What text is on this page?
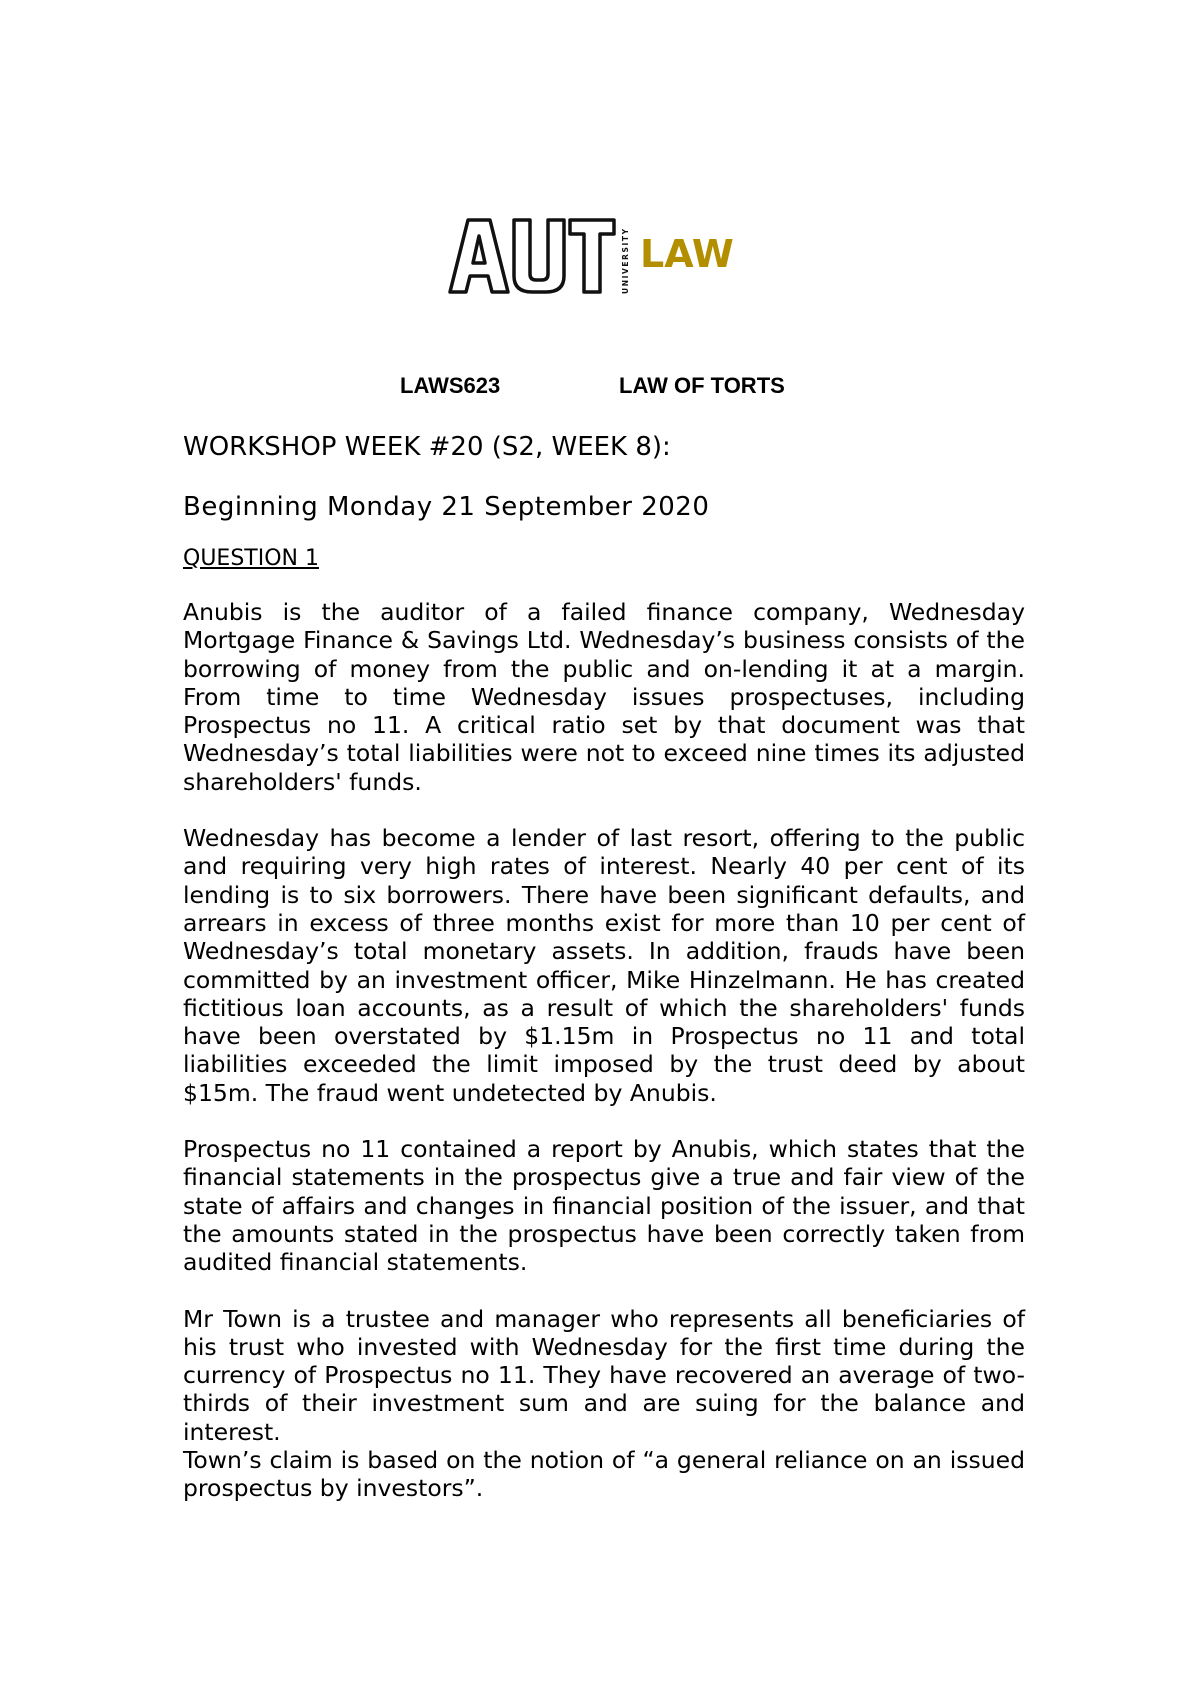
UNIVERSITY LAW
LAWS623	LAW OF TORTS
WORKSHOP WEEK #20 (S2, WEEK 8):
Beginning Monday 21 September 2020
QUESTION 1

Anubis is the auditor of a failed finance company, Wednesday Mortgage Finance & Savings Ltd. Wednesday’s business consists of the borrowing of money from the public and on-lending it at a margin. From time to time Wednesday issues prospectuses, including Prospectus no 11. A critical ratio set by that document was that Wednesday’s total liabilities were not to exceed nine times its adjusted shareholders' funds.

Wednesday has become a lender of last resort, offering to the public and requiring very high rates of interest. Nearly 40 per cent of its lending is to six borrowers. There have been significant defaults, and arrears in excess of three months exist for more than 10 per cent of Wednesday’s total monetary assets. In addition, frauds have been committed by an investment officer, Mike Hinzelmann. He has created fictitious loan accounts, as a result of which the shareholders' funds have been overstated by $1.15m in Prospectus no 11 and total liabilities exceeded the limit imposed by the trust deed by about $15m. The fraud went undetected by Anubis.

Prospectus no 11 contained a report by Anubis, which states that the financial statements in the prospectus give a true and fair view of the state of affairs and changes in financial position of the issuer, and that the amounts stated in the prospectus have been correctly taken from audited financial statements.

Mr Town is a trustee and manager who represents all beneficiaries of his trust who invested with Wednesday for the first time during the currency of Prospectus no 11. They have recovered an average of two-thirds of their investment sum and are suing for the balance and interest.

Town’s claim is based on the notion of “a general reliance on an issued prospectus by investors”.
